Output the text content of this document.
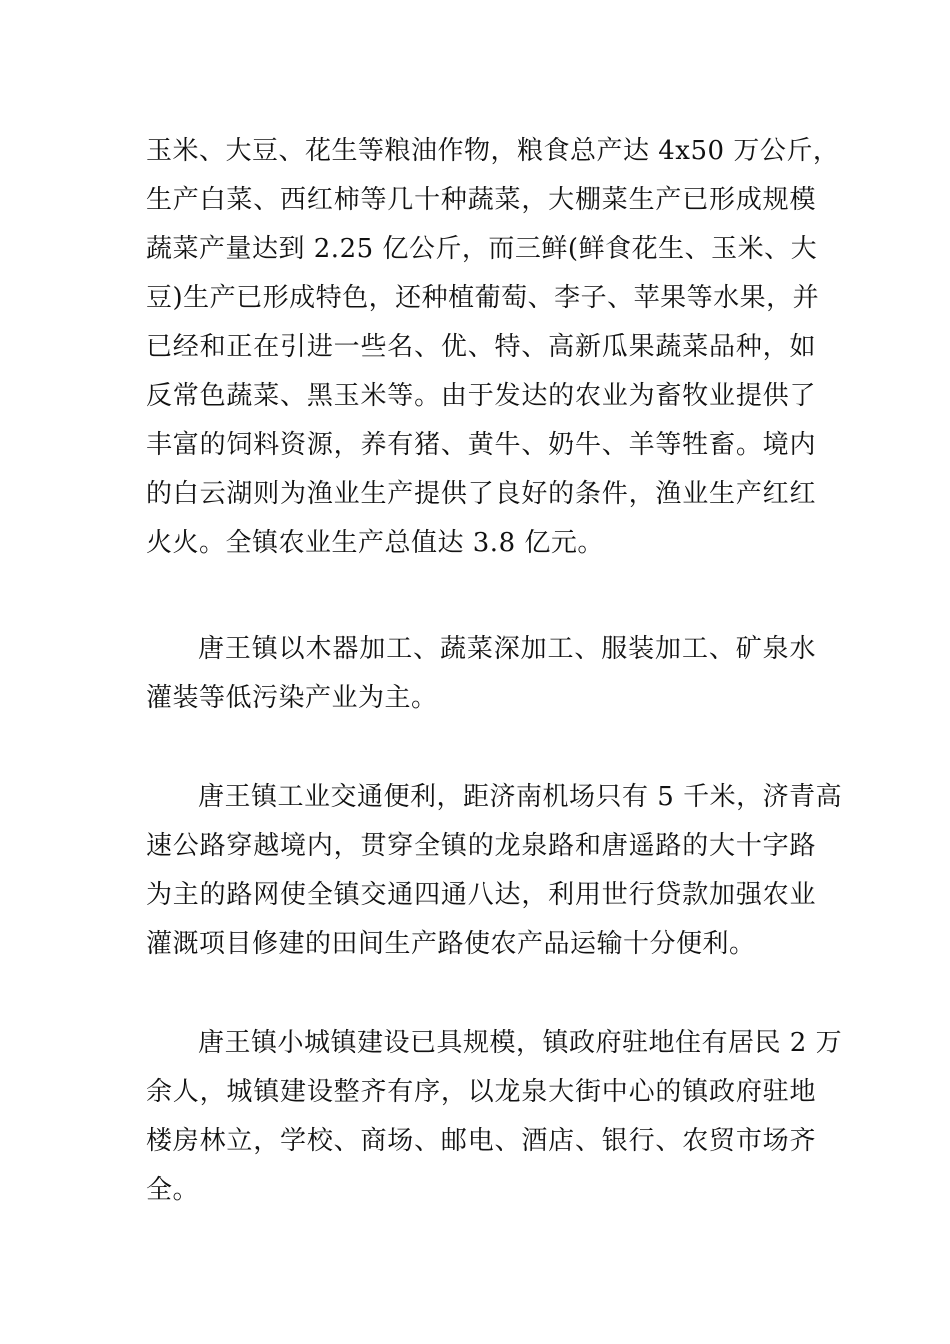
玉米、大豆、花生等粮油作物，粮食总产达 4x50 万公斤，
生产白菜、西红柿等几十种蔬菜，大棚菜生产已形成规模
蔬菜产量达到 2.25 亿公斤，而三鲜(鲜食花生、玉米、大
豆)生产已形成特色，还种植葡萄、李子、苹果等水果，并
已经和正在引进一些名、优、特、高新瓜果蔬菜品种，如
反常色蔬菜、黑玉米等。由于发达的农业为畜牧业提供了
丰富的饲料资源，养有猪、黄牛、奶牛、羊等牲畜。境内
的白云湖则为渔业生产提供了良好的条件，渔业生产红红
火火。全镇农业生产总值达 3.8 亿元。

唐王镇以木器加工、蔬菜深加工、服装加工、矿泉水
灌装等低污染产业为主。

唐王镇工业交通便利，距济南机场只有 5 千米，济青高
速公路穿越境内，贯穿全镇的龙泉路和唐遥路的大十字路
为主的路网使全镇交通四通八达，利用世行贷款加强农业
灌溉项目修建的田间生产路使农产品运输十分便利。

唐王镇小城镇建设已具规模，镇政府驻地住有居民 2 万
余人，城镇建设整齐有序，以龙泉大街中心的镇政府驻地
楼房林立，学校、商场、邮电、酒店、银行、农贸市场齐
全。
